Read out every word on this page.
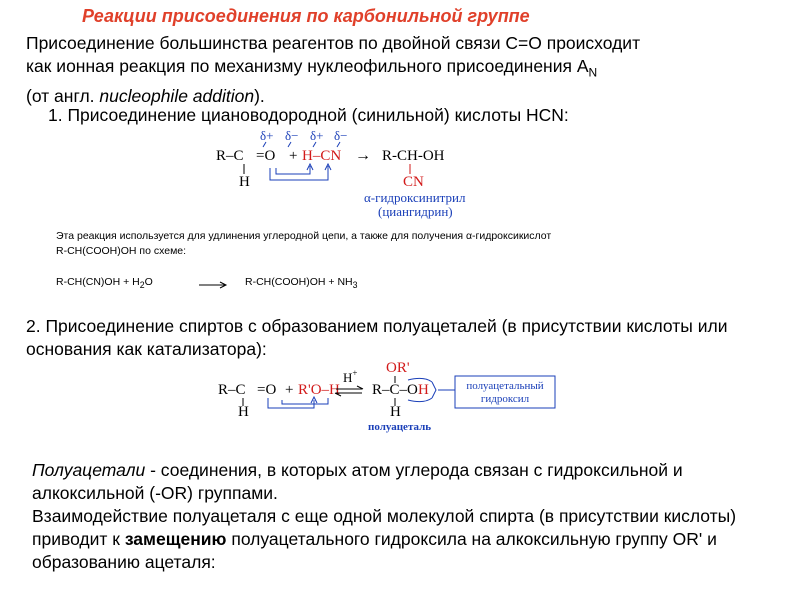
Реакции присоединения по карбонильной группе
Присоединение большинства реагентов по двойной связи С=О происходит
как ионная реакция по механизму нуклеофильного присоединения $А_N$
(от англ. nucleophile addition).
1. Присоединение циановодородной (синильной) кислоты HCN:
δ+ δ− δ+ δ−
R–C =O + H–CN → R-CH-OH
H	CN
α-гидроксинитрил
(циангидрин)
Эта реакция используется для удлинения углеродной цепи, а также для получения α-гидроксикислот
R-CH(COOH)OH по схеме:
$R-CH(CN)OH + H_2O$	R-CH(COOH)OH + $NH_3$
2. Присоединение спиртов с образованием полуацеталей (в присутствии кислоты или основания как катализатора):
R–C =O + R'O–H
H
H+ OR'
R–C–O H
H
полуацеталь
полуацетальный
гидроксил
Полуацетали - соединения, в которых атом углерода связан с гидроксильной и алкоксильной (-OR) группами.
Взаимодействие полуацеталя с еще одной молекулой спирта (в присутствии кислоты) приводит к замещению полуацетального гидроксила на алкоксильную группу OR' и образованию ацеталя:
